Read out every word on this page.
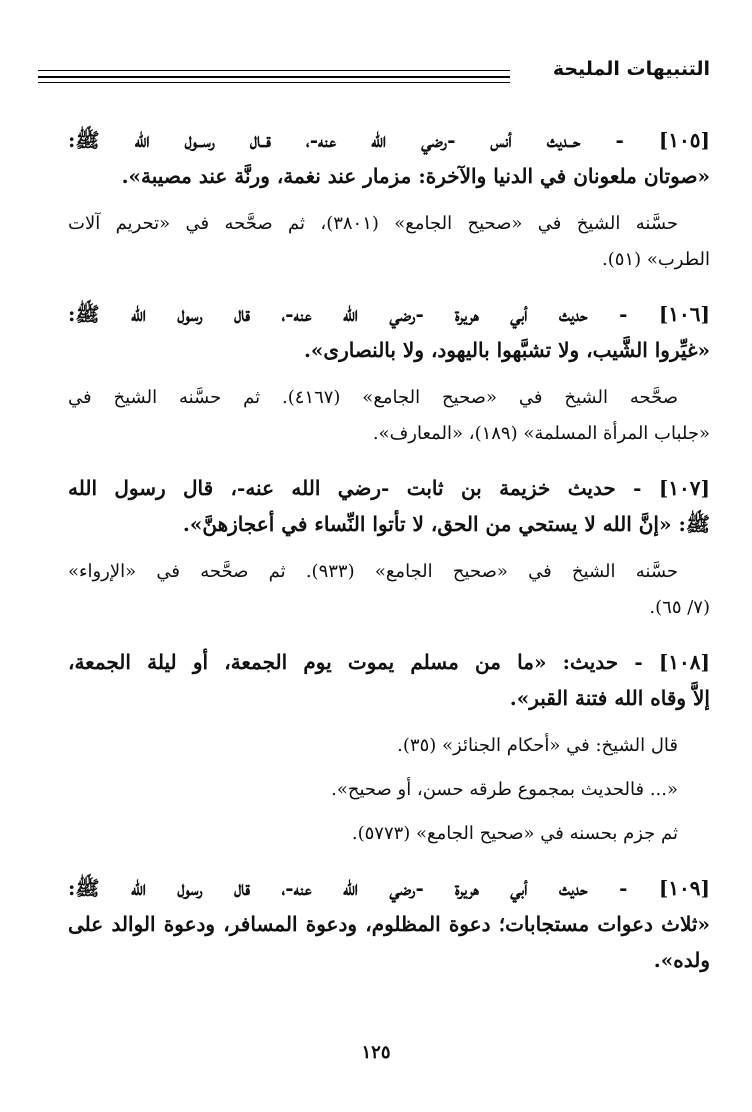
التنبيهات المليحة

[١٠٥] - حــديث أنس -رضي الله عنه-، قــال رســول الله ﷺ:

«صوتان ملعونان في الدنيا والآخرة: مزمار عند نغمة، ورنَّة عند مصيبة».

حسَّنه الشيخ في «صحيح الجامع» (٣٨٠١)، ثم صحَّحه في «تحريم آلات

الطرب» (٥١).

[١٠٦] - حديث أبي هريرة -رضي الله عنه-، قال رسول الله ﷺ:

«غيِّروا الشَّيب، ولا تشبَّهوا باليهود، ولا بالنصارى».

صحَّحه الشيخ في «صحيح الجامع» (٤١٦٧). ثم حسَّنه الشيخ في

«جلباب المرأة المسلمة» (١٨٩)، «المعارف».

[١٠٧] - حديث خزيمة بن ثابت -رضي الله عنه-، قال رسول الله

ﷺ: «إنَّ الله لا يستحي من الحق، لا تأتوا النِّساء في أعجازهنَّ».

حسَّنه الشيخ في «صحيح الجامع» (٩٣٣). ثم صحَّحه في «الإرواء»

(٧/ ٦٥).

[١٠٨] - حديث: «ما من مسلم يموت يوم الجمعة، أو ليلة الجمعة،

إلاَّ وقاه الله فتنة القبر».

قال الشيخ: في «أحكام الجنائز» (٣٥).

«... فالحديث بمجموع طرقه حسن، أو صحيح».

ثم جزم بحسنه في «صحيح الجامع» (٥٧٧٣).

[١٠٩] - حديث أبي هريرة -رضي الله عنه-، قال رسول الله ﷺ:

«ثلاث دعوات مستجابات؛ دعوة المظلوم، ودعوة المسافر، ودعوة الوالد على

ولده».

١٢٥
